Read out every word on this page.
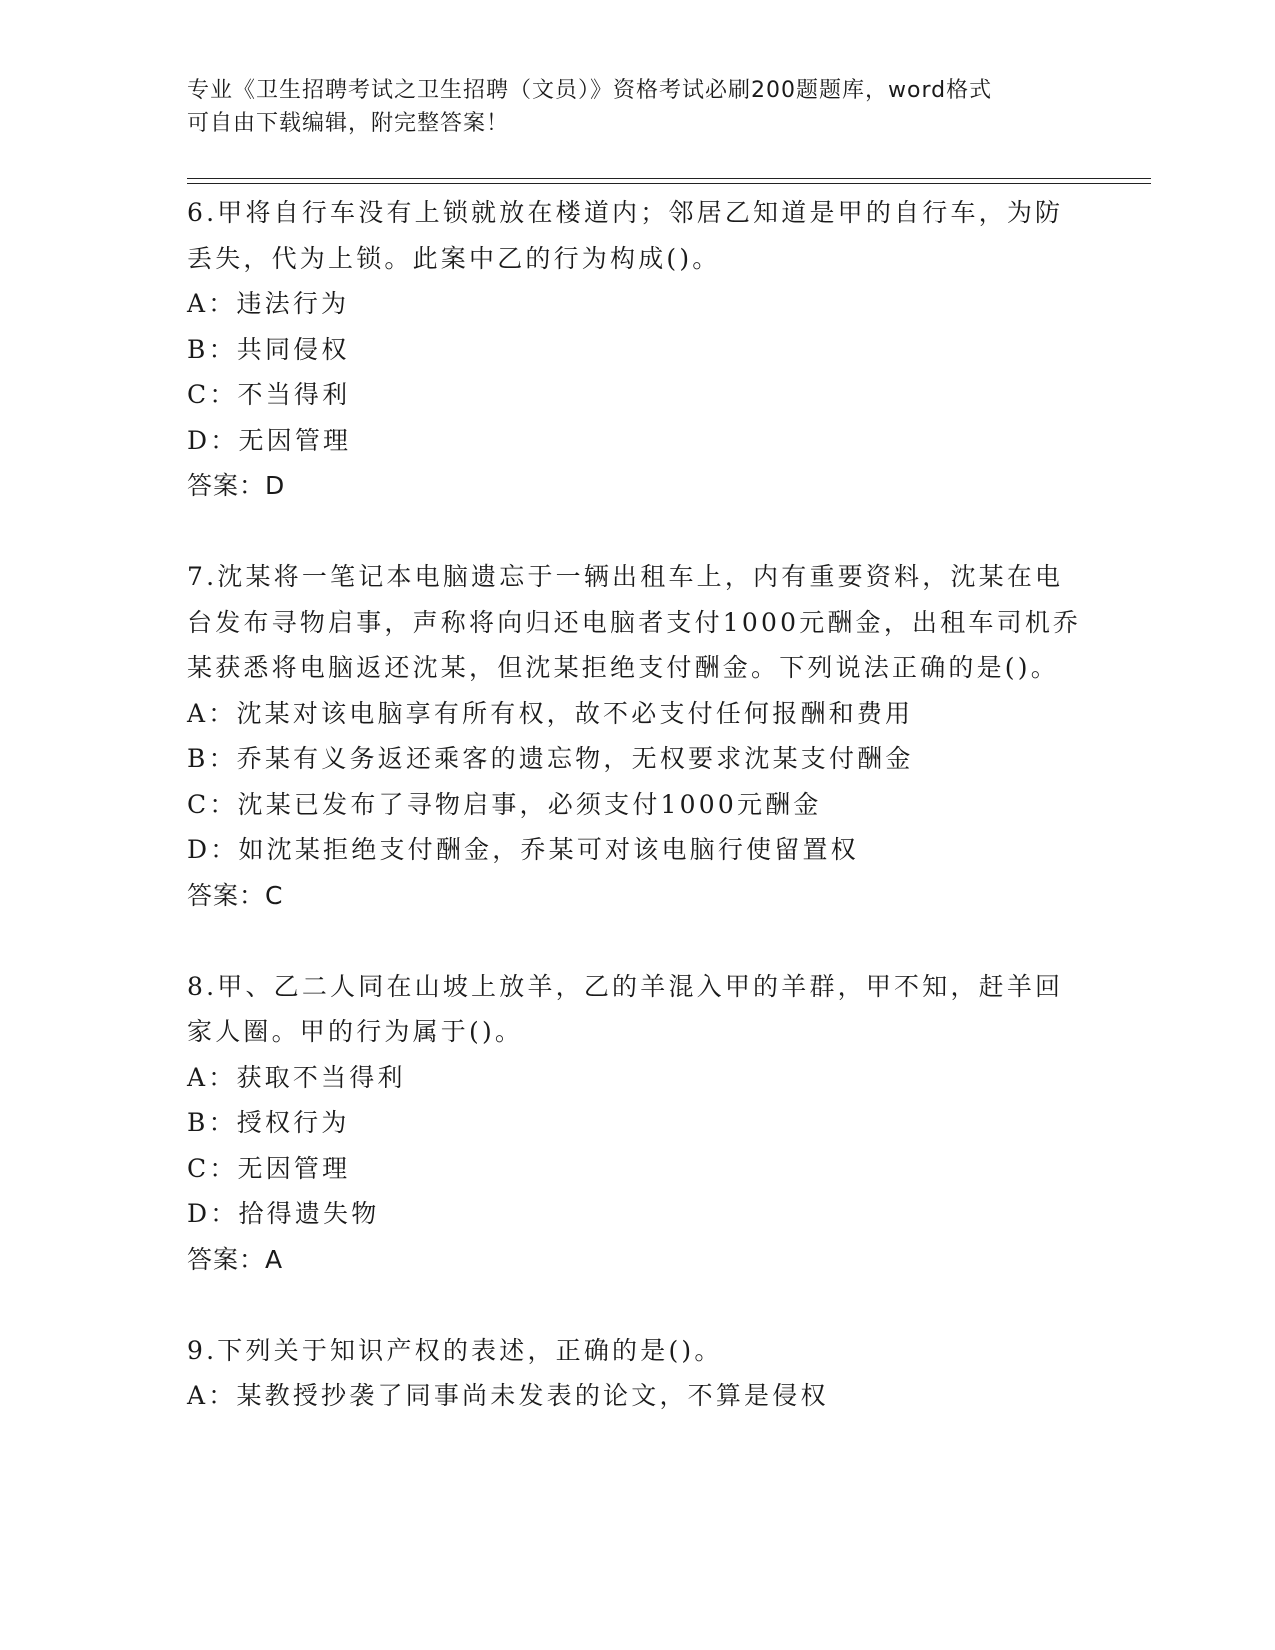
专业《卫生招聘考试之卫生招聘（文员）》资格考试必刷200题题库，word格式
可自由下载编辑，附完整答案！

6.甲将自行车没有上锁就放在楼道内；邻居乙知道是甲的自行车，为防丢失，代为上锁。此案中乙的行为构成()。

A：违法行为

B：共同侵权

C：不当得利

D：无因管理

答案：D

7.沈某将一笔记本电脑遗忘于一辆出租车上，内有重要资料，沈某在电台发布寻物启事，声称将向归还电脑者支付1000元酬金，出租车司机乔某获悉将电脑返还沈某，但沈某拒绝支付酬金。下列说法正确的是()。

A：沈某对该电脑享有所有权，故不必支付任何报酬和费用

B：乔某有义务返还乘客的遗忘物，无权要求沈某支付酬金

C：沈某已发布了寻物启事，必须支付1000元酬金

D：如沈某拒绝支付酬金，乔某可对该电脑行使留置权

答案：C

8.甲、乙二人同在山坡上放羊，乙的羊混入甲的羊群，甲不知，赶羊回家人圈。甲的行为属于()。

A：获取不当得利

B：授权行为

C：无因管理

D：拾得遗失物

答案：A

9.下列关于知识产权的表述，正确的是()。

A：某教授抄袭了同事尚未发表的论文，不算是侵权
